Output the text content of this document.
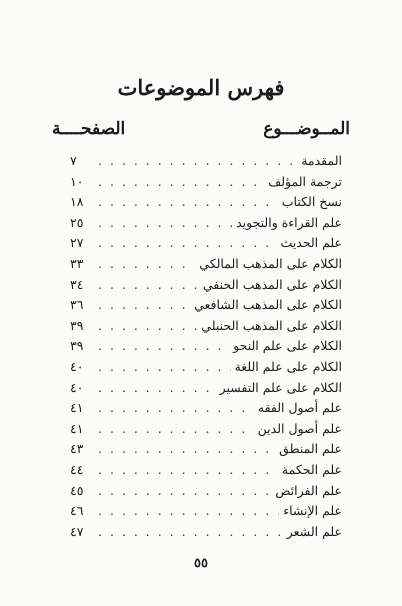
فهرس الموضوعات
المــوضـــوع
الصفحــــة
المقدمة
. . .
٧
ترجمة المؤلف
. . .
١٠
نسخ الكتاب
. . .
١٨
علم القراءة والتجويد
. . .
٢٥
علم الحديث
. . .
٢٧
الكلام على المذهب المالكي
. . .
٣٣
الكلام على المذهب الحنفي
. . .
٣٤
الكلام على المذهب الشافعي
. . .
٣٦
الكلام على المذهب الحنبلي
. . .
٣٩
الكلام على علم النحو
. . .
٣٩
الكلام على علم اللغة
. . .
٤٠
الكلام على علم التفسير
. . .
٤٠
علم أصول الفقه
. . .
٤١
علم أصول الدين
. . .
٤١
علم المنطق
. . .
٤٣
علم الحكمة
. . .
٤٤
علم الفرائض
. . .
٤٥
علم الإنشاء
. . .
٤٦
علم الشعر
. . .
٤٧
٥٥
